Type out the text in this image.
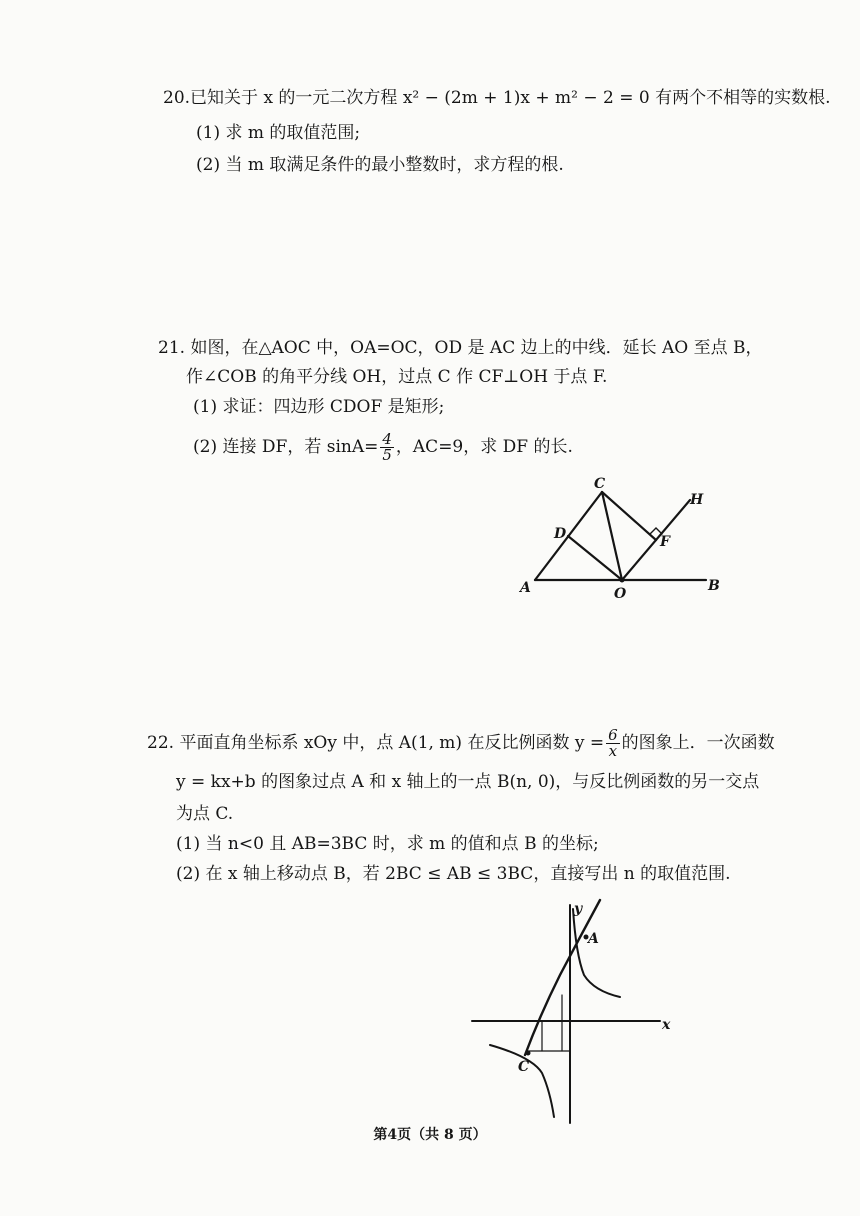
20.已知关于 x 的一元二次方程 x² − (2m + 1)x + m² − 2 = 0 有两个不相等的实数根.
(1) 求 m 的取值范围;
(2) 当 m 取满足条件的最小整数时，求方程的根.
21. 如图，在△AOC 中，OA=OC，OD 是 AC 边上的中线．延长 AO 至点 B，
作∠COB 的角平分线 OH，过点 C 作 CF⊥OH 于点 F.
(1) 求证：四边形 CDOF 是矩形;
(2) 连接 DF，若 $\sin A= \frac{4}{5}$ ，AC=9，求 DF 的长.
A	B
C
D	F
H
O
22. 平面直角坐标系 xOy 中，点 A(1, m) 在反比例函数 $y = \frac{6}{x}$ 的图象上．一次函数
y = kx+b 的图象过点 A 和 x 轴上的一点 B(n, 0)，与反比例函数的另一交点
为点 C.
(1) 当 n<0 且 AB=3BC 时，求 m 的值和点 B 的坐标;
(2) 在 x 轴上移动点 B，若 2BC ≤ AB ≤ 3BC，直接写出 n 的取值范围.
y
x
A
C
第4页（共 8 页）
